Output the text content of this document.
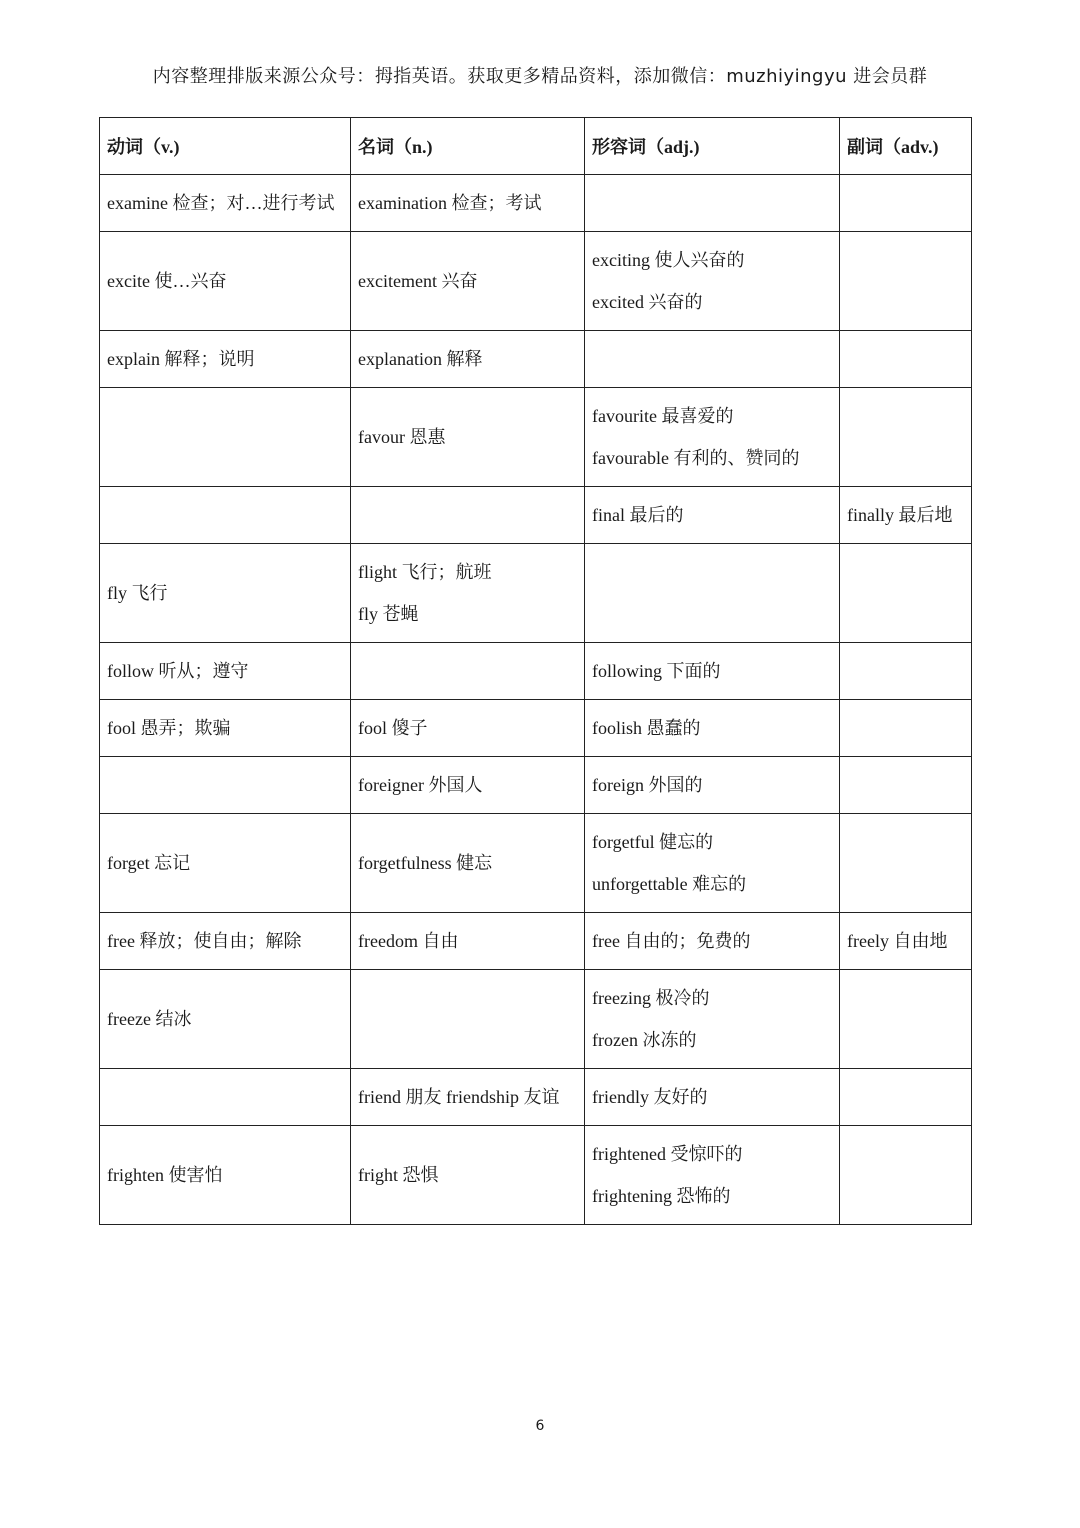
内容整理排版来源公众号：拇指英语。获取更多精品资料，添加微信：muzhiyingyu 进会员群
动词（v.)	名词（n.)	形容词（adj.)	副词（adv.)

examine 检查；对…进行考试	examination 检查；考试		

excite 使…兴奋	excitement 兴奋	exciting 使人兴奋的
excited 兴奋的	

explain 解释；说明	explanation 解释		

	favour 恩惠	favourite 最喜爱的
favourable 有利的、赞同的	

		final 最后的	finally 最后地

fly 飞行	flight 飞行；航班
fly 苍蝇		

follow 听从；遵守		following 下面的	

fool 愚弄；欺骗	fool 傻子	foolish 愚蠢的	

	foreigner 外国人	foreign 外国的	

forget 忘记	forgetfulness 健忘	forgetful 健忘的
unforgettable 难忘的	

free 释放；使自由；解除	freedom 自由	free 自由的；免费的	freely 自由地

freeze 结冰		freezing 极冷的
frozen 冰冻的	

	friend 朋友 friendship 友谊	friendly 友好的	

frighten 使害怕	fright 恐惧	frightened 受惊吓的
frightening 恐怖的	

6
